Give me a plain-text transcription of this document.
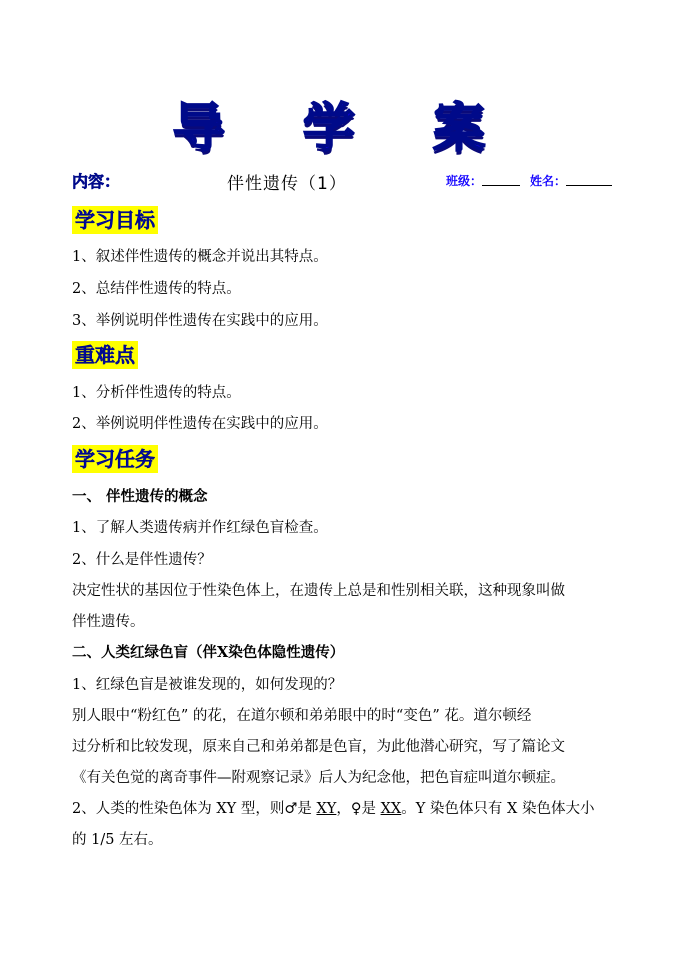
导 学 案
内容：	伴性遗传（1）	班级：	姓名：
学习目标
1、叙述伴性遗传的概念并说出其特点。
2、总结伴性遗传的特点。
3、举例说明伴性遗传在实践中的应用。
重难点
1、分析伴性遗传的特点。
2、举例说明伴性遗传在实践中的应用。
学习任务
一、 伴性遗传的概念
1、了解人类遗传病并作红绿色盲检查。
2、什么是伴性遗传？
决定性状的基因位于性染色体上，在遗传上总是和性别相关联，这种现象叫做
伴性遗传。
二、人类红绿色盲（伴X染色体隐性遗传）
1、红绿色盲是被谁发现的，如何发现的？
别人眼中“粉红色” 的花，在道尔顿和弟弟眼中的时“变色” 花。道尔顿经
过分析和比较发现，原来自己和弟弟都是色盲，为此他潜心研究，写了篇论文
《有关色觉的离奇事件—附观察记录》后人为纪念他，把色盲症叫道尔顿症。
2、人类的性染色体为 XY 型，则♂是 XY，♀是 XX。Y 染色体只有 X 染色体大小
的 1/5 左右。
